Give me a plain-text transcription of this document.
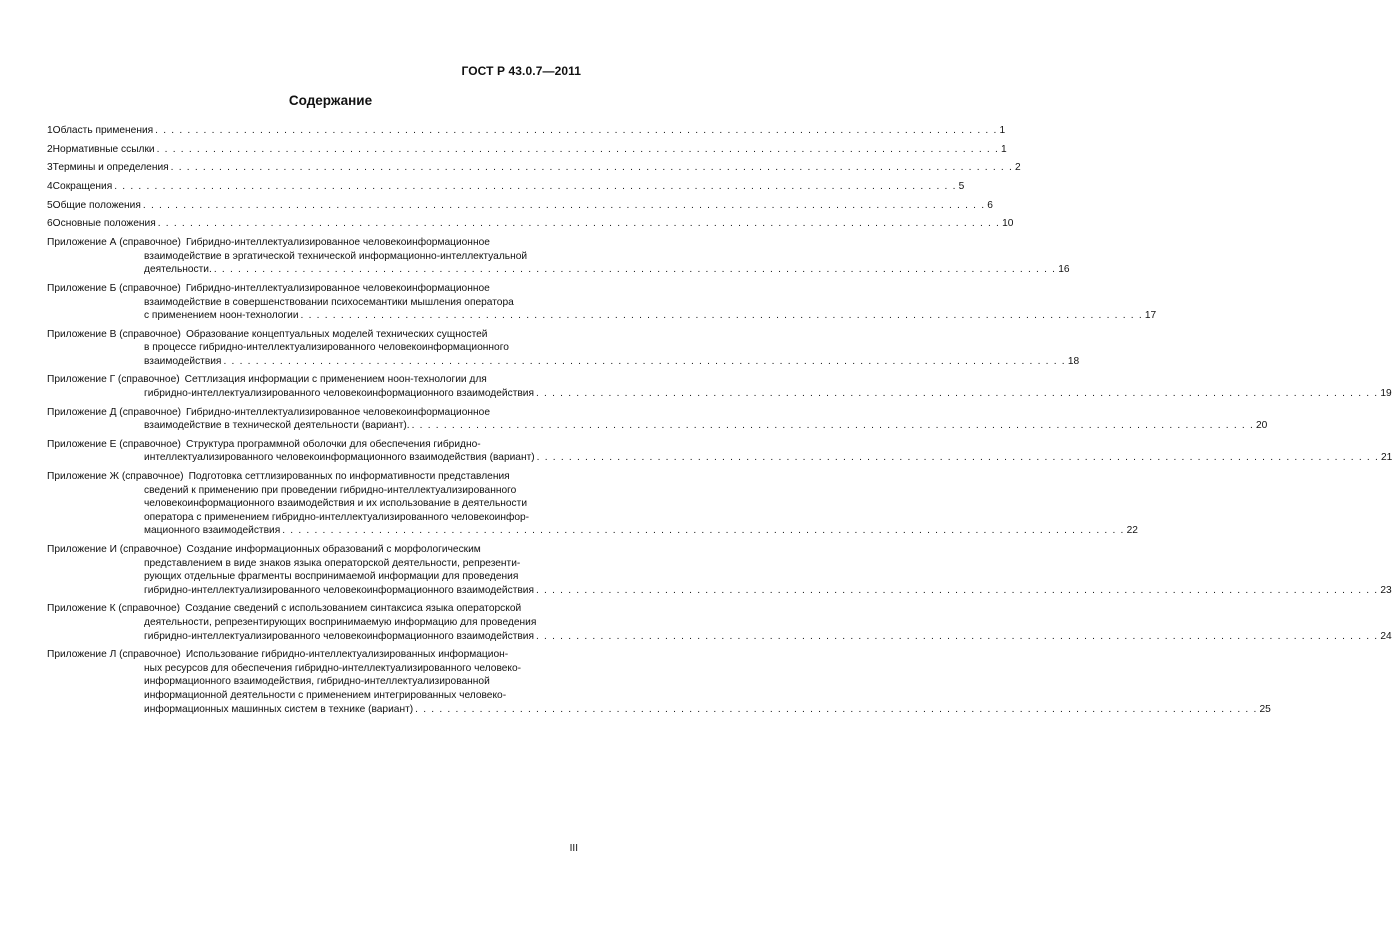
ГОСТ Р 43.0.7—2011
Содержание
1 Область применения . . . . . . . . . . . . . . . . . . . . . . . . . . . . . . . . . . . . . . . . . . . . . . . . . . . . . . . . . . . . . . . . . . . . . . . . . . . . . . . . . . . . . . . . . . . . . . . . . . . . . . . . . 1
2 Нормативные ссылки . . . . . . . . . . . . . . . . . . . . . . . . . . . . . . . . . . . . . . . . . . . . . . . . . . . . . . . . . . . . . . . . . . . . . . . . . . . . . . . . . . . . . . . . . . . . . . . . . . . . . . . . . 1
3 Термины и определения . . . . . . . . . . . . . . . . . . . . . . . . . . . . . . . . . . . . . . . . . . . . . . . . . . . . . . . . . . . . . . . . . . . . . . . . . . . . . . . . . . . . . . . . . . . . . . . . . . . . . . . . . 2
4 Сокращения . . . . . . . . . . . . . . . . . . . . . . . . . . . . . . . . . . . . . . . . . . . . . . . . . . . . . . . . . . . . . . . . . . . . . . . . . . . . . . . . . . . . . . . . . . . . . . . . . . . . . . . . . 5
5 Общие положения . . . . . . . . . . . . . . . . . . . . . . . . . . . . . . . . . . . . . . . . . . . . . . . . . . . . . . . . . . . . . . . . . . . . . . . . . . . . . . . . . . . . . . . . . . . . . . . . . . . . . . . . . 6
6 Основные положения . . . . . . . . . . . . . . . . . . . . . . . . . . . . . . . . . . . . . . . . . . . . . . . . . . . . . . . . . . . . . . . . . . . . . . . . . . . . . . . . . . . . . . . . . . . . . . . . . . . . . . . . . 10
Приложение А (справочное) Гибридно-интеллектуализированное человекоинформационное
взаимодействие в эргатической технической информационно-интеллектуальной
деятельности. . . . . . . . . . . . . . . . . . . . . . . . . . . . . . . . . . . . . . . . . . . . . . . . . . . . . . . . . . . . . . . . . . . . . . . . . . . . . . . . . . . . . . . . . . . . . . . . . . . . . . . . . . 16
Приложение Б (справочное) Гибридно-интеллектуализированное человекоинформационное
взаимодействие в совершенствовании психосемантики мышления оператора
с применением ноон-технологии . . . . . . . . . . . . . . . . . . . . . . . . . . . . . . . . . . . . . . . . . . . . . . . . . . . . . . . . . . . . . . . . . . . . . . . . . . . . . . . . . . . . . . . . . . . . . . . . . . . . . . . . . 17
Приложение В (справочное) Образование концептуальных моделей технических сущностей
в процессе гибридно-интеллектуализированного человекоинформационного
взаимодействия . . . . . . . . . . . . . . . . . . . . . . . . . . . . . . . . . . . . . . . . . . . . . . . . . . . . . . . . . . . . . . . . . . . . . . . . . . . . . . . . . . . . . . . . . . . . . . . . . . . . . . . . . 18
Приложение Г (справочное) Сеттлизация информации с применением ноон-технологии для
гибридно-интеллектуализированного человекоинформационного взаимодействия . . . . . . . . . . . . . . . . . . . . . . . . . . . . . . . . . . . . . . . . . . . . . . . . . . . . . . . . . . . . . . . . . . . . . . . . . . . . . . . . . . . . . . . . . . . . . . . . . . . . . . . . . 19
Приложение Д (справочное) Гибридно-интеллектуализированное человекоинформационное
взаимодействие в технической деятельности (вариант). . . . . . . . . . . . . . . . . . . . . . . . . . . . . . . . . . . . . . . . . . . . . . . . . . . . . . . . . . . . . . . . . . . . . . . . . . . . . . . . . . . . . . . . . . . . . . . . . . . . . . . . . . 20
Приложение Е (справочное) Структура программной оболочки для обеспечения гибридно-
интеллектуализированного человекоинформационного взаимодействия (вариант) . . . . . . . . . . . . . . . . . . . . . . . . . . . . . . . . . . . . . . . . . . . . . . . . . . . . . . . . . . . . . . . . . . . . . . . . . . . . . . . . . . . . . . . . . . . . . . . . . . . . . . . . . 21
Приложение Ж (справочное) Подготовка сеттлизированных по информативности представления
сведений к применению при проведении гибридно-интеллектуализированного
человекоинформационного взаимодействия и их использование в деятельности
оператора с применением гибридно-интеллектуализированного человекоинфор-
мационного взаимодействия . . . . . . . . . . . . . . . . . . . . . . . . . . . . . . . . . . . . . . . . . . . . . . . . . . . . . . . . . . . . . . . . . . . . . . . . . . . . . . . . . . . . . . . . . . . . . . . . . . . . . . . . . 22
Приложение И (справочное) Создание информационных образований с морфологическим
представлением в виде знаков языка операторской деятельности, репрезенти-
рующих отдельные фрагменты воспринимаемой информации для проведения
гибридно-интеллектуализированного человекоинформационного взаимодействия . . . . . . . . . . . . . . . . . . . . . . . . . . . . . . . . . . . . . . . . . . . . . . . . . . . . . . . . . . . . . . . . . . . . . . . . . . . . . . . . . . . . . . . . . . . . . . . . . . . . . . . . . 23
Приложение К (справочное) Создание сведений с использованием синтаксиса языка операторской
деятельности, репрезентирующих воспринимаемую информацию для проведения
гибридно-интеллектуализированного человекоинформационного взаимодействия . . . . . . . . . . . . . . . . . . . . . . . . . . . . . . . . . . . . . . . . . . . . . . . . . . . . . . . . . . . . . . . . . . . . . . . . . . . . . . . . . . . . . . . . . . . . . . . . . . . . . . . . . 24
Приложение Л (справочное) Использование гибридно-интеллектуализированных информацион-
ных ресурсов для обеспечения гибридно-интеллектуализированного человеко-
информационного взаимодействия, гибридно-интеллектуализированной
информационной деятельности с применением интегрированных человеко-
информационных машинных систем в технике (вариант) . . . . . . . . . . . . . . . . . . . . . . . . . . . . . . . . . . . . . . . . . . . . . . . . . . . . . . . . . . . . . . . . . . . . . . . . . . . . . . . . . . . . . . . . . . . . . . . . . . . . . . . . . 25
III
